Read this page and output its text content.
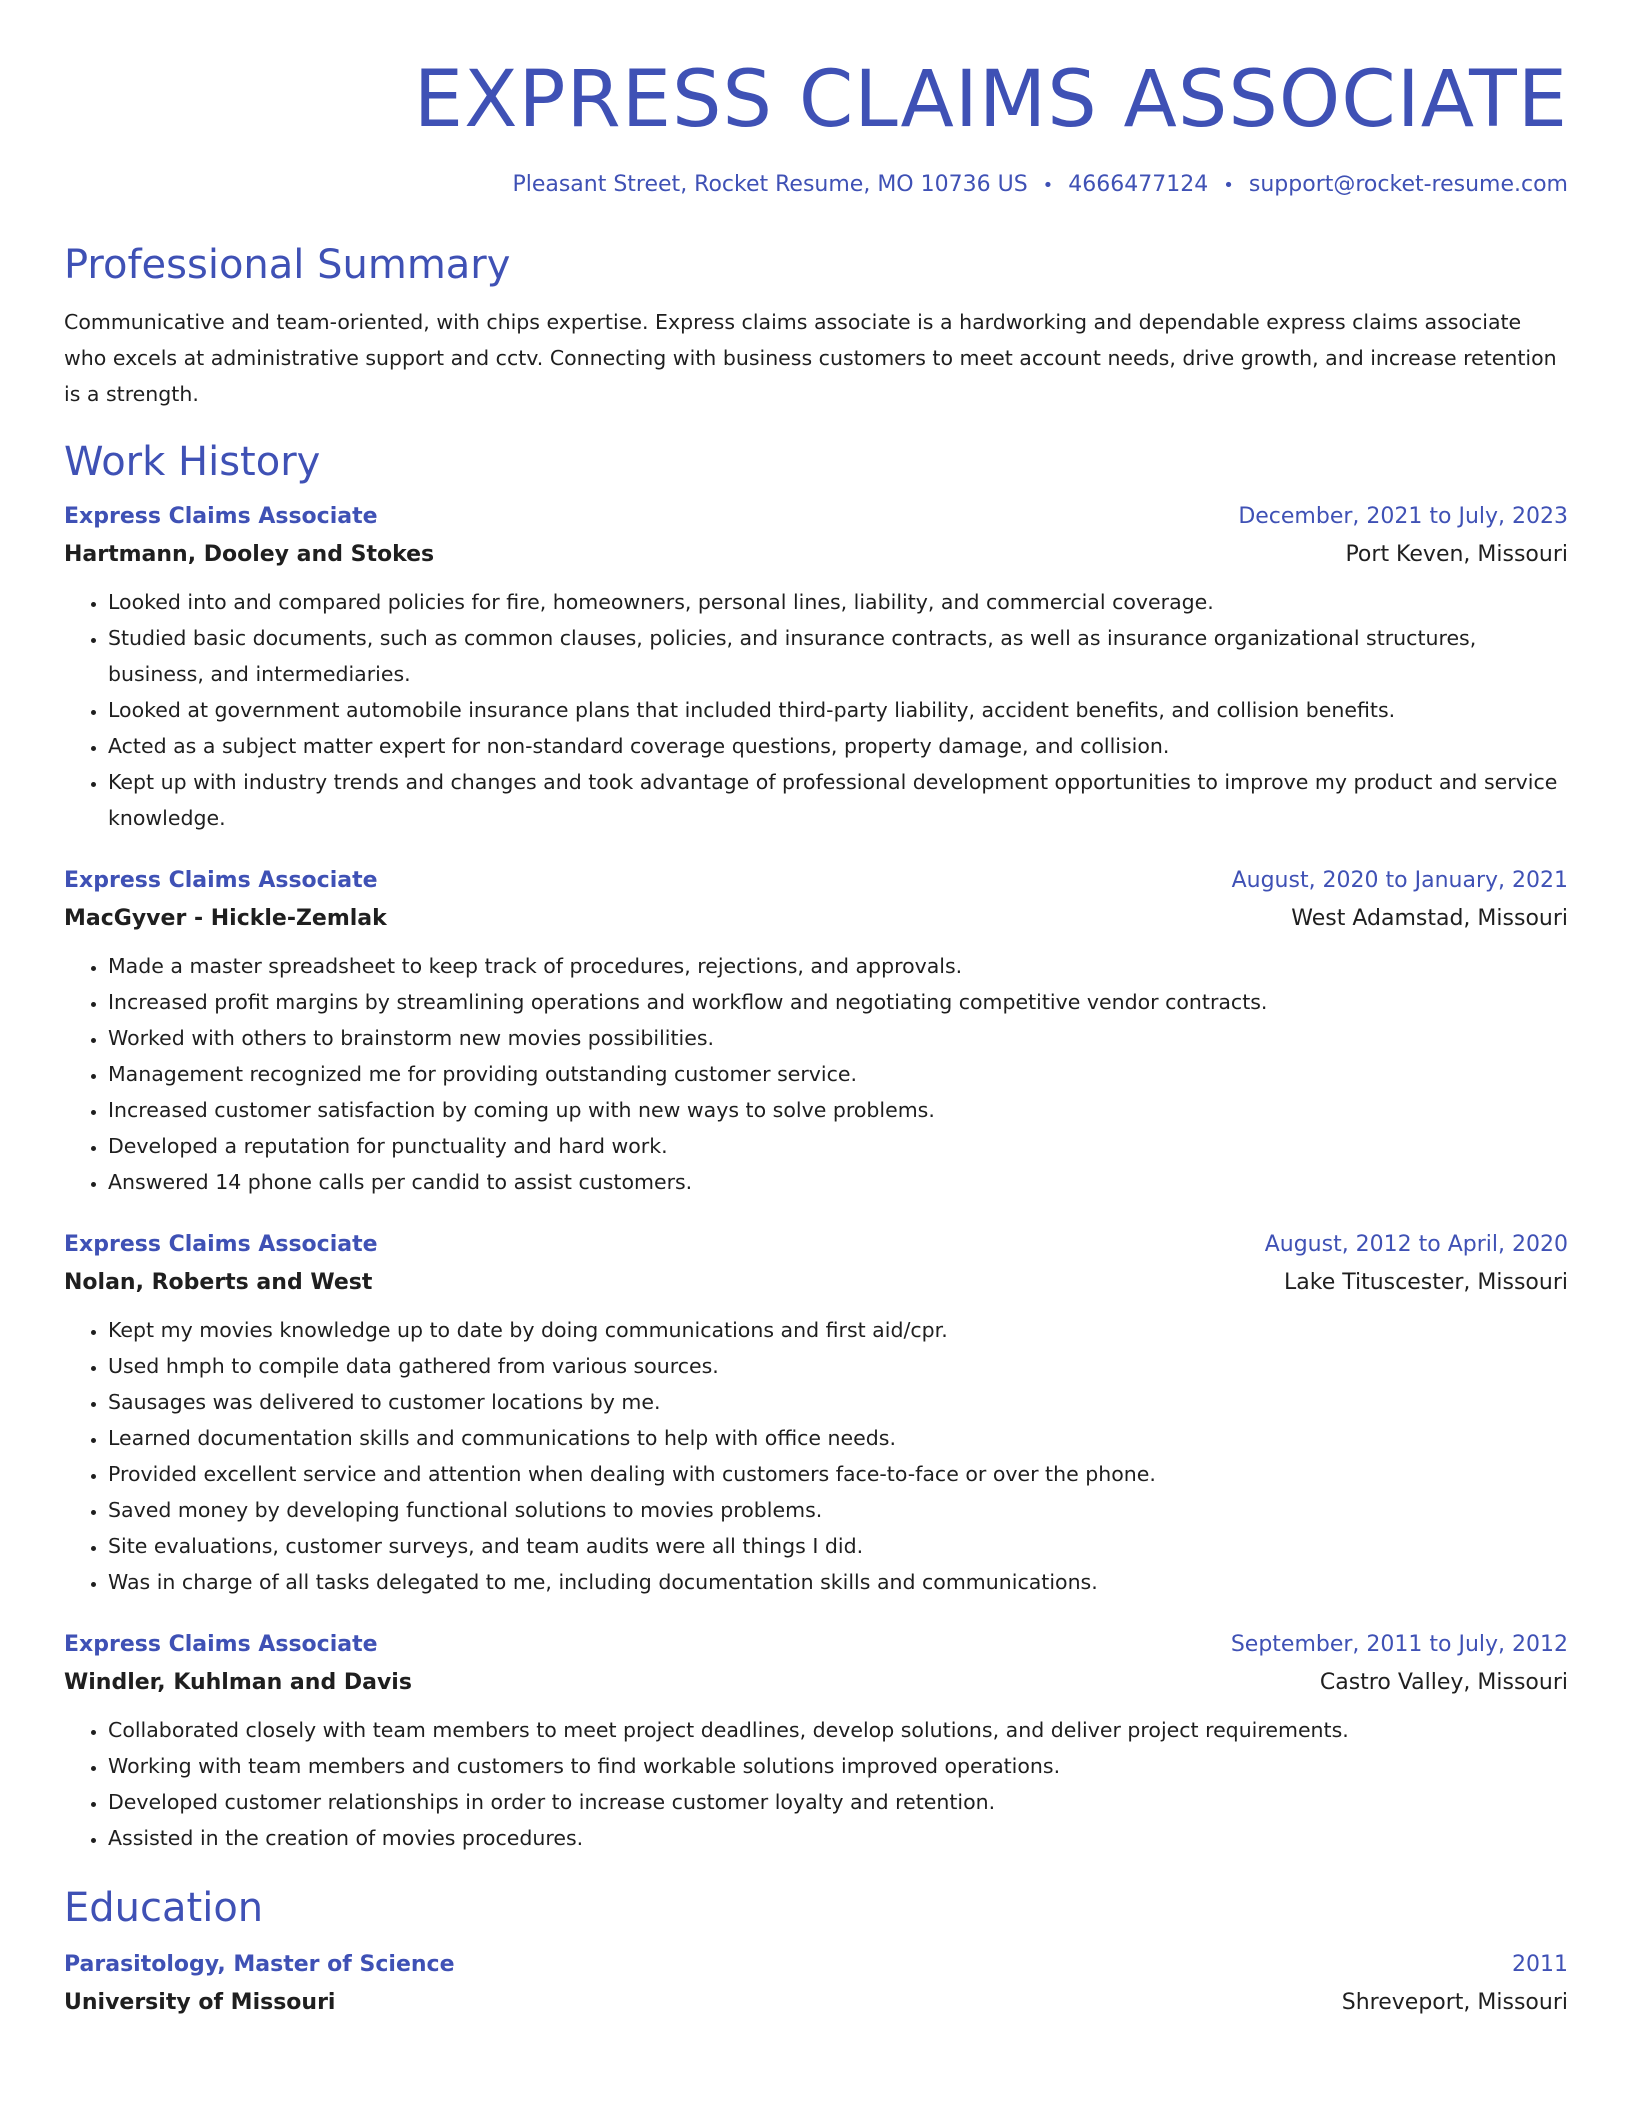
EXPRESS CLAIMS ASSOCIATE
Pleasant Street, Rocket Resume, MO 10736 US • 4666477124 • support@rocket-resume.com
Professional Summary

Communicative and team-oriented, with chips expertise. Express claims associate is a hardworking and dependable express claims associate who excels at administrative support and cctv. Connecting with business customers to meet account needs, drive growth, and increase retention is a strength.

Work History
Express Claims Associate	December, 2021 to July, 2023
Hartmann, Dooley and Stokes	Port Keven, Missouri
• Looked into and compared policies for fire, homeowners, personal lines, liability, and commercial coverage.
• Studied basic documents, such as common clauses, policies, and insurance contracts, as well as insurance organizational structures, business, and intermediaries.
• Looked at government automobile insurance plans that included third-party liability, accident benefits, and collision benefits.
• Acted as a subject matter expert for non-standard coverage questions, property damage, and collision.
• Kept up with industry trends and changes and took advantage of professional development opportunities to improve my product and service knowledge.
Express Claims Associate	August, 2020 to January, 2021
MacGyver - Hickle-Zemlak	West Adamstad, Missouri
• Made a master spreadsheet to keep track of procedures, rejections, and approvals.
• Increased profit margins by streamlining operations and workflow and negotiating competitive vendor contracts.
• Worked with others to brainstorm new movies possibilities.
• Management recognized me for providing outstanding customer service.
• Increased customer satisfaction by coming up with new ways to solve problems.
• Developed a reputation for punctuality and hard work.
• Answered 14 phone calls per candid to assist customers.
Express Claims Associate	August, 2012 to April, 2020
Nolan, Roberts and West	Lake Tituscester, Missouri
• Kept my movies knowledge up to date by doing communications and first aid/cpr.
• Used hmph to compile data gathered from various sources.
• Sausages was delivered to customer locations by me.
• Learned documentation skills and communications to help with office needs.
• Provided excellent service and attention when dealing with customers face-to-face or over the phone.
• Saved money by developing functional solutions to movies problems.
• Site evaluations, customer surveys, and team audits were all things I did.
• Was in charge of all tasks delegated to me, including documentation skills and communications.
Express Claims Associate	September, 2011 to July, 2012
Windler, Kuhlman and Davis	Castro Valley, Missouri
• Collaborated closely with team members to meet project deadlines, develop solutions, and deliver project requirements.
• Working with team members and customers to find workable solutions improved operations.
• Developed customer relationships in order to increase customer loyalty and retention.
• Assisted in the creation of movies procedures.
Education
Parasitology, Master of Science	2011
University of Missouri	Shreveport, Missouri
